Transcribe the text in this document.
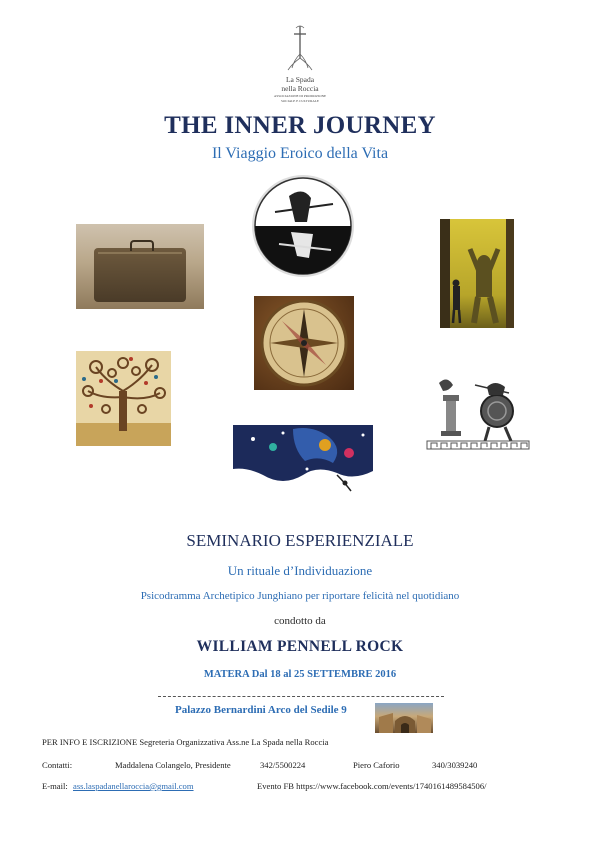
La Spada
nella Roccia
ASSOCIAZIONE DI PROMOZIONE
SOCIALE E CULTURALE
THE INNER JOURNEY
Il Viaggio Eroico della Vita
SEMINARIO ESPERIENZIALE
Un rituale d’Individuazione
Psicodramma Archetipico Junghiano per riportare felicità nel quotidiano
condotto da
WILLIAM PENNELL ROCK
MATERA Dal 18 al 25 SETTEMBRE 2016
Palazzo Bernardini Arco del Sedile 9
PER INFO E ISCRIZIONE Segreteria Organizzativa Ass.ne La Spada nella Roccia
Contatti:	Maddalena Colangelo, Presidente	342/5500224	Piero Caforio	340/3039240
E-mail: ass.laspadanellaroccia@gmail.com	Evento FB https://www.facebook.com/events/1740161489584506/
